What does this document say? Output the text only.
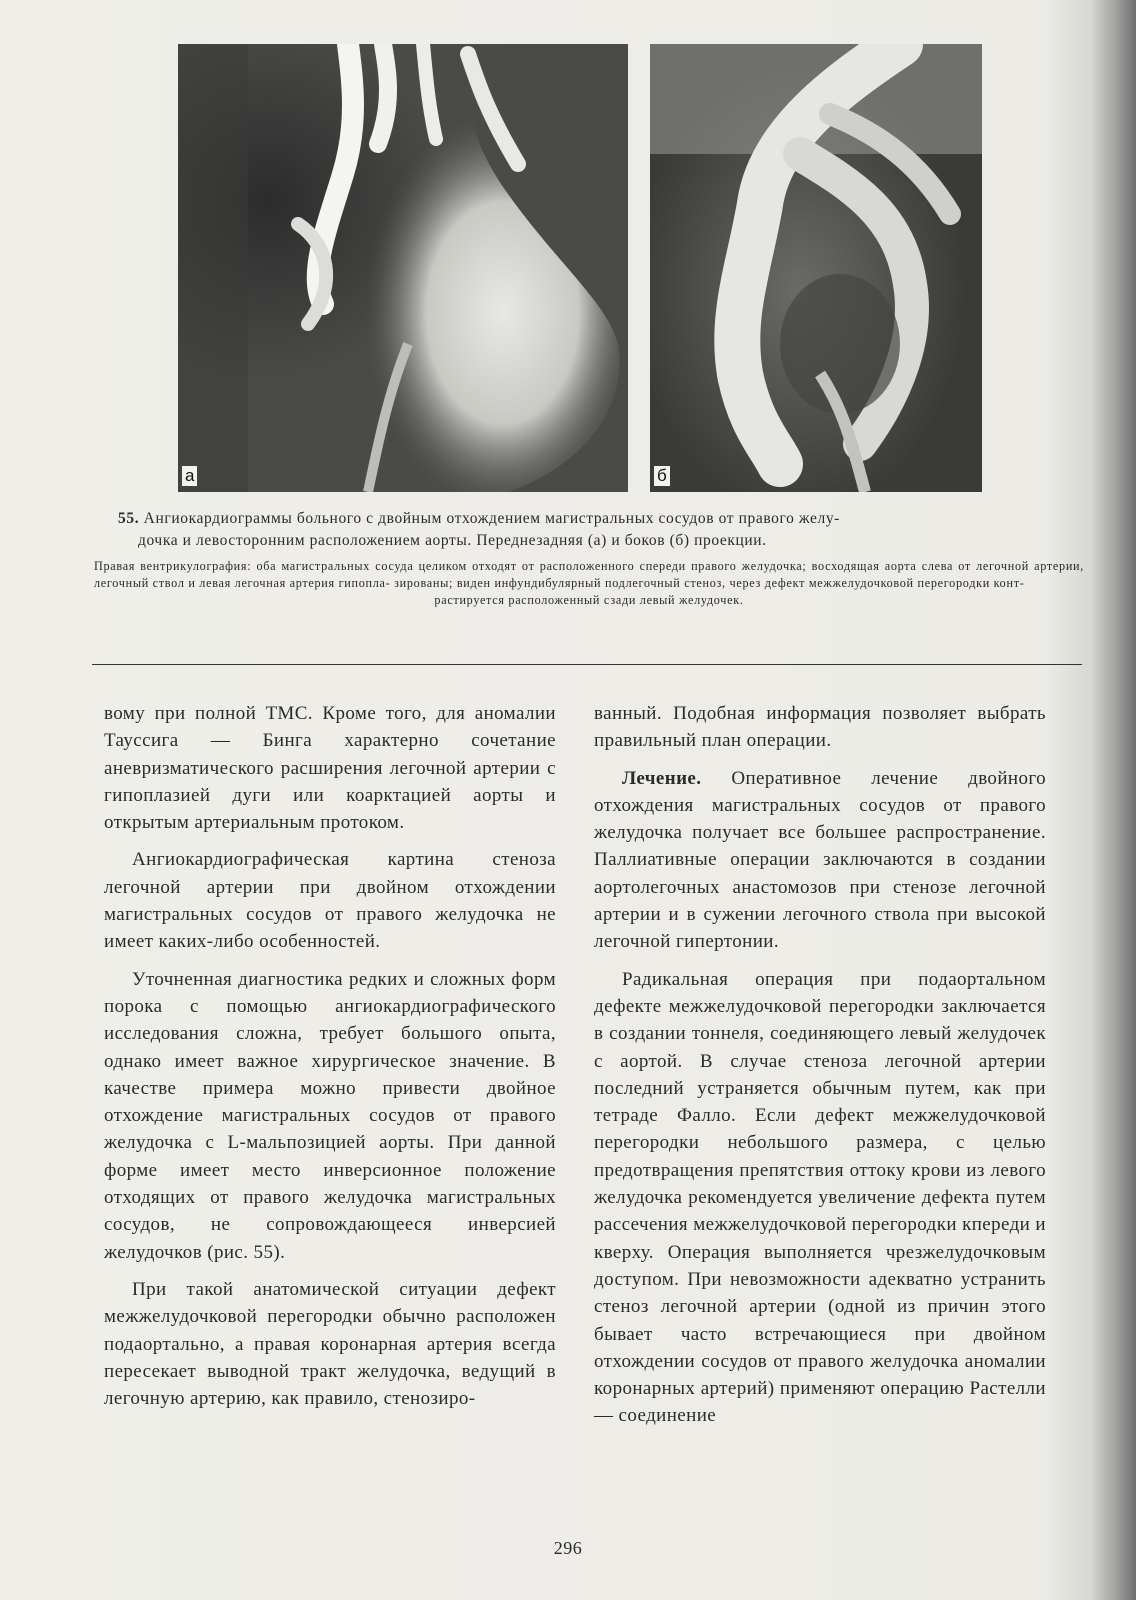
а	б
55. Ангиокардиограммы больного с двойным отхождением магистральных сосудов от правого желу-
дочка и левосторонним расположением аорты. Переднезадняя (а) и боков (б) проекции.
Правая вентрикулография: оба магистральных сосуда целиком отходят от расположенного спереди правого желудочка; восходящая аорта слева от легочной артерии, легочный ствол и левая легочная артерия гипопла- зированы; виден инфундибулярный подлегочный стеноз, через дефект межжелудочковой перегородки конт-
растируется расположенный сзади левый желудочек.

вому при полной ТМС. Кроме того, для аномалии Тауссига — Бинга характерно сочетание аневризматического расширения легочной артерии с гипоплазией дуги или коарктацией аорты и открытым артериальным протоком.

Ангиокардиографическая картина стеноза легочной артерии при двойном отхождении магистральных сосудов от правого желудочка не имеет каких-либо особенностей.

Уточненная диагностика редких и сложных форм порока с помощью ангиокардиографического исследования сложна, требует большого опыта, однако имеет важное хирургическое значение. В качестве примера можно привести двойное отхождение магистральных сосудов от правого желудочка с L-мальпозицией аорты. При данной форме имеет место инверсионное положение отходящих от правого желудочка магистральных сосудов, не сопровождающееся инверсией желудочков (рис. 55).

При такой анатомической ситуации дефект межжелудочковой перегородки обычно расположен подаортально, а правая коронарная артерия всегда пересекает выводной тракт желудочка, ведущий в легочную артерию, как правило, стенозиро-

ванный. Подобная информация позволяет выбрать правильный план операции.

Лечение. Оперативное лечение двойного отхождения магистральных сосудов от правого желудочка получает все большее распространение. Паллиативные операции заключаются в создании аортолегочных анастомозов при стенозе легочной артерии и в сужении легочного ствола при высокой легочной гипертонии.

Радикальная операция при подаортальном дефекте межжелудочковой перегородки заключается в создании тоннеля, соединяющего левый желудочек с аортой. В случае стеноза легочной артерии последний устраняется обычным путем, как при тетраде Фалло. Если дефект межжелудочковой перегородки небольшого размера, с целью предотвращения препятствия оттоку крови из левого желудочка рекомендуется увеличение дефекта путем рассечения межжелудочковой перегородки кпереди и кверху. Операция выполняется чрезжелудочковым доступом. При невозможности адекватно устранить стеноз легочной артерии (одной из причин этого бывает часто встречающиеся при двойном отхождении сосудов от правого желудочка аномалии коронарных артерий) применяют операцию Растелли — соединение

296
